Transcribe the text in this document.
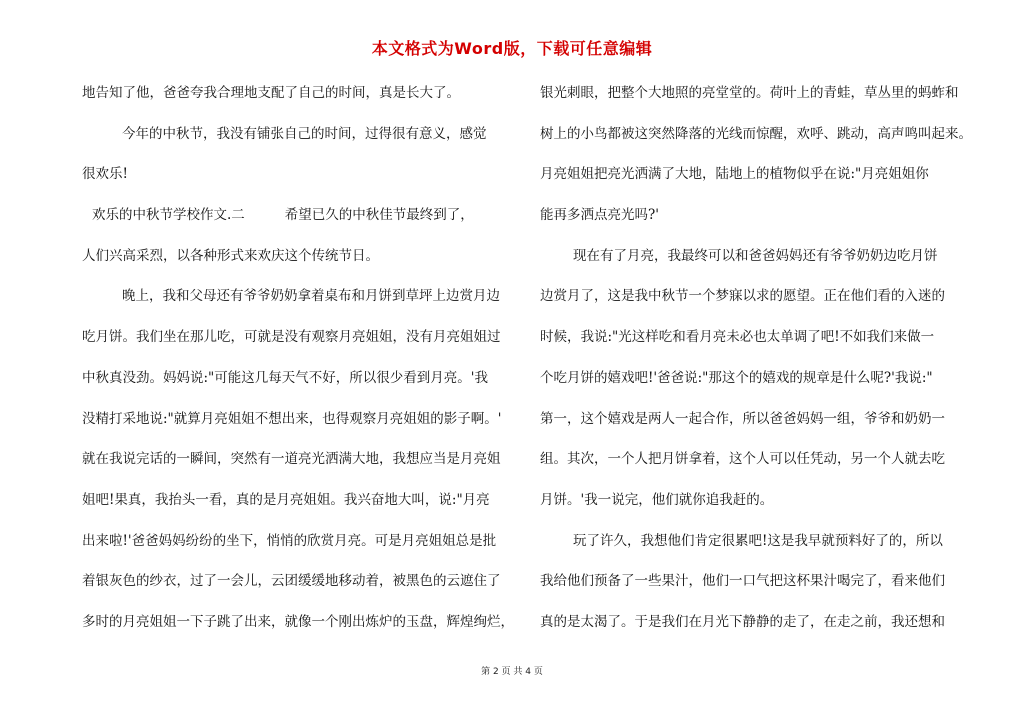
本文格式为Word版，下载可任意编辑
地告知了他，爸爸夸我合理地支配了自己的时间，真是长大了。
今年的中秋节，我没有铺张自己的时间，过得很有意义，感觉
很欢乐!
欢乐的中秋节学校作文.二	希望已久的中秋佳节最终到了，
人们兴高采烈，以各种形式来欢庆这个传统节日。
晚上，我和父母还有爷爷奶奶拿着桌布和月饼到草坪上边赏月边
吃月饼。我们坐在那儿吃，可就是没有观察月亮姐姐，没有月亮姐姐过
中秋真没劲。妈妈说:"可能这几每天气不好，所以很少看到月亮。'我
没精打采地说:"就算月亮姐姐不想出来，也得观察月亮姐姐的影子啊。'
就在我说完话的一瞬间，突然有一道亮光洒满大地，我想应当是月亮姐
姐吧!果真，我抬头一看，真的是月亮姐姐。我兴奋地大叫，说:"月亮
出来啦!'爸爸妈妈纷纷的坐下，悄悄的欣赏月亮。可是月亮姐姐总是批
着银灰色的纱衣，过了一会儿，云团缓缓地移动着，被黑色的云遮住了
多时的月亮姐姐一下子跳了出来，就像一个刚出炼炉的玉盘，辉煌绚烂，
银光刺眼，把整个大地照的亮堂堂的。荷叶上的青蛙，草丛里的蚂蚱和
树上的小鸟都被这突然降落的光线而惊醒，欢呼、跳动，高声鸣叫起来。
月亮姐姐把亮光洒满了大地，陆地上的植物似乎在说:"月亮姐姐你
能再多洒点亮光吗?'
现在有了月亮，我最终可以和爸爸妈妈还有爷爷奶奶边吃月饼
边赏月了，这是我中秋节一个梦寐以求的愿望。正在他们看的入迷的
时候，我说:"光这样吃和看月亮未必也太单调了吧!不如我们来做一
个吃月饼的嬉戏吧!'爸爸说:"那这个的嬉戏的规章是什么呢?'我说:"
第一，这个嬉戏是两人一起合作，所以爸爸妈妈一组，爷爷和奶奶一
组。其次，一个人把月饼拿着，这个人可以任凭动，另一个人就去吃
月饼。'我一说完，他们就你追我赶的。
玩了许久，我想他们肯定很累吧!这是我早就预料好了的，所以
我给他们预备了一些果汁，他们一口气把这杯果汁喝完了，看来他们
真的是太渴了。于是我们在月光下静静的走了，在走之前，我还想和
第 2 页 共 4 页
